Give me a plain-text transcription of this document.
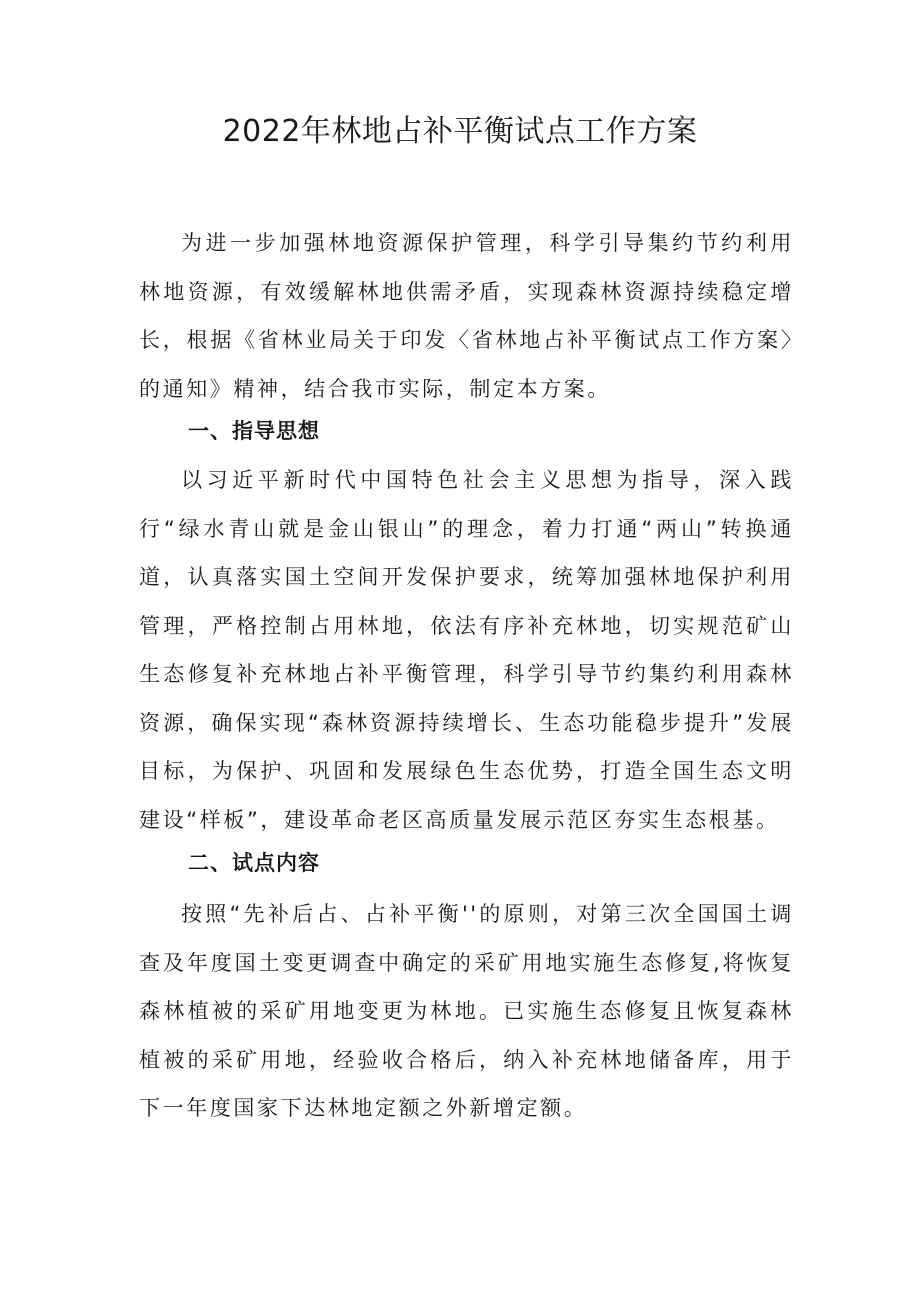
2022年林地占补平衡试点工作方案

为进一步加强林地资源保护管理，科学引导集约节约利用林地资源，有效缓解林地供需矛盾，实现森林资源持续稳定增长，根据《省林业局关于印发〈省林地占补平衡试点工作方案〉的通知》精神，结合我市实际，制定本方案。

一、指导思想

以习近平新时代中国特色社会主义思想为指导，深入践行“绿水青山就是金山银山”的理念，着力打通“两山”转换通道，认真落实国土空间开发保护要求，统筹加强林地保护利用管理，严格控制占用林地，依法有序补充林地，切实规范矿山生态修复补充林地占补平衡管理，科学引导节约集约利用森林资源，确保实现“森林资源持续增长、生态功能稳步提升”发展目标，为保护、巩固和发展绿色生态优势，打造全国生态文明建设“样板”，建设革命老区高质量发展示范区夯实生态根基。

二、试点内容

按照“先补后占、占补平衡''的原则，对第三次全国国土调查及年度国土变更调查中确定的采矿用地实施生态修复,将恢复森林植被的采矿用地变更为林地。已实施生态修复且恢复森林植被的采矿用地，经验收合格后，纳入补充林地储备库，用于下一年度国家下达林地定额之外新增定额。
